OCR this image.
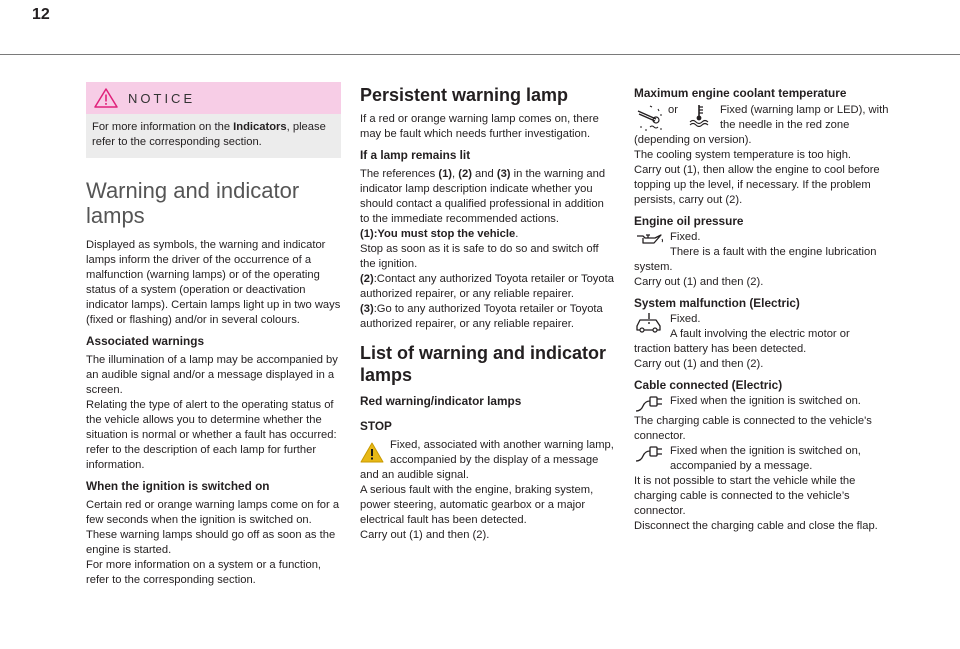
12
NOTICE
For more information on the Indicators, please refer to the corresponding section.
Warning and indicator lamps

Displayed as symbols, the warning and indicator lamps inform the driver of the occurrence of a malfunction (warning lamps) or of the operating status of a system (operation or deactivation indicator lamps). Certain lamps light up in two ways (fixed or flashing) and/or in several colours.

Associated warnings

The illumination of a lamp may be accompanied by an audible signal and/or a message displayed in a screen.

Relating the type of alert to the operating status of the vehicle allows you to determine whether the situation is normal or whether a fault has occurred: refer to the description of each lamp for further information.

When the ignition is switched on

Certain red or orange warning lamps come on for a few seconds when the ignition is switched on. These warning lamps should go off as soon as the engine is started.

For more information on a system or a function, refer to the corresponding section.

Persistent warning lamp

If a red or orange warning lamp comes on, there may be fault which needs further investigation.

If a lamp remains lit

The references (1), (2) and (3) in the warning and indicator lamp description indicate whether you should contact a qualified professional in addition to the immediate recommended actions.

(1):You must stop the vehicle.

Stop as soon as it is safe to do so and switch off the ignition.

(2):Contact any authorized Toyota retailer or Toyota authorized repairer, or any reliable repairer.

(3):Go to any authorized Toyota retailer or Toyota authorized repairer, or any reliable repairer.

List of warning and indicator lamps
Red warning/indicator lamps
STOP
Fixed, associated with another warning lamp, accompanied by the display of a message and an audible signal.

A serious fault with the engine, braking system, power steering, automatic gearbox or a major electrical fault has been detected.

Carry out (1) and then (2).

Maximum engine coolant temperature
or	Fixed (warning lamp or LED), with the needle in the red zone (depending on version).

The cooling system temperature is too high.

Carry out (1), then allow the engine to cool before topping up the level, if necessary. If the problem persists, carry out (2).

Engine oil pressure
Fixed.
There is a fault with the engine lubrication system.

Carry out (1) and then (2).

System malfunction (Electric)
Fixed.
A fault involving the electric motor or traction battery has been detected.

Carry out (1) and then (2).

Cable connected (Electric)
Fixed when the ignition is switched on.

The charging cable is connected to the vehicle's connector.

Fixed when the ignition is switched on, accompanied by a message.

It is not possible to start the vehicle while the charging cable is connected to the vehicle’s connector.

Disconnect the charging cable and close the flap.
